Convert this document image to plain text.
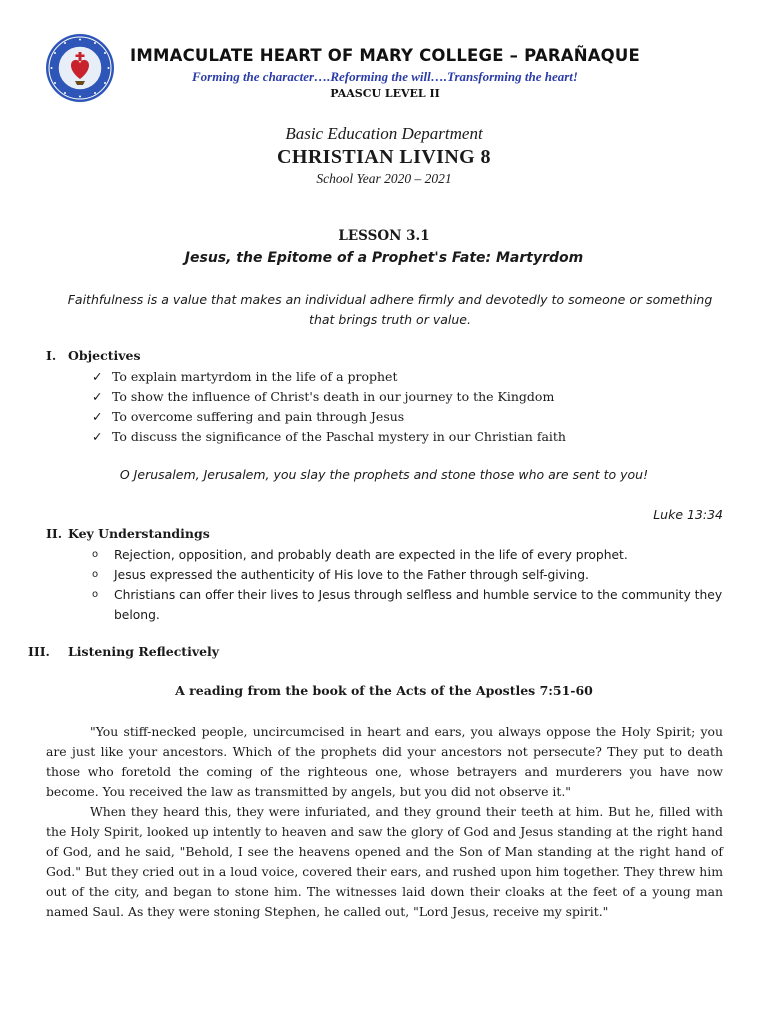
IMMACULATE HEART OF MARY COLLEGE – PARAÑAQUE
Forming the character….Reforming the will….Transforming the heart!
PAASCU LEVEL II
Basic Education Department
CHRISTIAN LIVING 8
School Year 2020 – 2021
LESSON 3.1
Jesus, the Epitome of a Prophet's Fate: Martyrdom
Faithfulness is a value that makes an individual adhere firmly and devotedly to someone or something that brings truth or value.
I. Objectives
✓ To explain martyrdom in the life of a prophet
✓ To show the influence of Christ's death in our journey to the Kingdom
✓ To overcome suffering and pain through Jesus
✓ To discuss the significance of the Paschal mystery in our Christian faith
O Jerusalem, Jerusalem, you slay the prophets and stone those who are sent to you!
Luke 13:34
II. Key Understandings
o Rejection, opposition, and probably death are expected in the life of every prophet.
o Jesus expressed the authenticity of His love to the Father through self-giving.
o Christians can offer their lives to Jesus through selfless and humble service to the community they belong.
III. Listening Reflectively
A reading from the book of the Acts of the Apostles 7:51-60

"You stiff-necked people, uncircumcised in heart and ears, you always oppose the Holy Spirit; you are just like your ancestors. Which of the prophets did your ancestors not persecute? They put to death those who foretold the coming of the righteous one, whose betrayers and murderers you have now become. You received the law as transmitted by angels, but you did not observe it."

When they heard this, they were infuriated, and they ground their teeth at him. But he, filled with the Holy Spirit, looked up intently to heaven and saw the glory of God and Jesus standing at the right hand of God, and he said, "Behold, I see the heavens opened and the Son of Man standing at the right hand of God." But they cried out in a loud voice, covered their ears, and rushed upon him together. They threw him out of the city, and began to stone him. The witnesses laid down their cloaks at the feet of a young man named Saul. As they were stoning Stephen, he called out, "Lord Jesus, receive my spirit."
